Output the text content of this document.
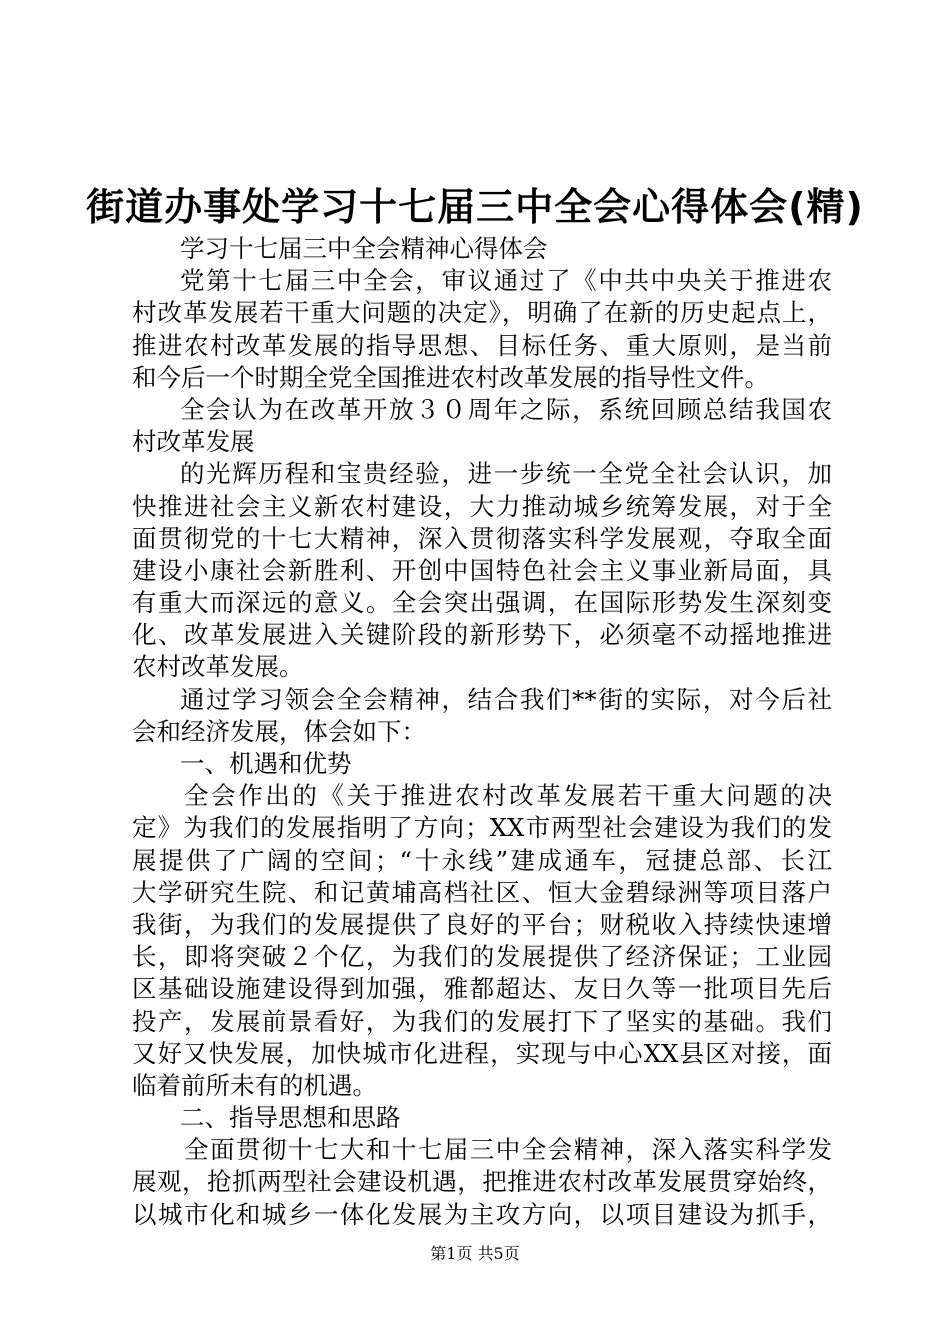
街道办事处学习十七届三中全会心得体会(精)
学习十七届三中全会精神心得体会
党第十七届三中全会，审议通过了《中共中央关于推进农
村改革发展若干重大问题的决定》，明确了在新的历史起点上，
推进农村改革发展的指导思想、目标任务、重大原则，是当前
和今后一个时期全党全国推进农村改革发展的指导性文件。
全会认为在改革开放３０周年之际，系统回顾总结我国农
村改革发展
的光辉历程和宝贵经验，进一步统一全党全社会认识，加
快推进社会主义新农村建设，大力推动城乡统筹发展，对于全
面贯彻党的十七大精神，深入贯彻落实科学发展观，夺取全面
建设小康社会新胜利、开创中国特色社会主义事业新局面，具
有重大而深远的意义。全会突出强调，在国际形势发生深刻变
化、改革发展进入关键阶段的新形势下，必须毫不动摇地推进
农村改革发展。
通过学习领会全会精神，结合我们**街的实际，对今后社
会和经济发展，体会如下：
一、机遇和优势
全会作出的《关于推进农村改革发展若干重大问题的决
定》为我们的发展指明了方向；XX市两型社会建设为我们的发
展提供了广阔的空间；“十永线”建成通车，冠捷总部、长江
大学研究生院、和记黄埔高档社区、恒大金碧绿洲等项目落户
我街，为我们的发展提供了良好的平台；财税收入持续快速增
长，即将突破２个亿，为我们的发展提供了经济保证；工业园
区基础设施建设得到加强，雅都超达、友日久等一批项目先后
投产，发展前景看好，为我们的发展打下了坚实的基础。我们
又好又快发展，加快城市化进程，实现与中心XX县区对接，面
临着前所未有的机遇。
二、指导思想和思路
全面贯彻十七大和十七届三中全会精神，深入落实科学发
展观，抢抓两型社会建设机遇，把推进农村改革发展贯穿始终，
以城市化和城乡一体化发展为主攻方向，以项目建设为抓手，
第1页 共5页
